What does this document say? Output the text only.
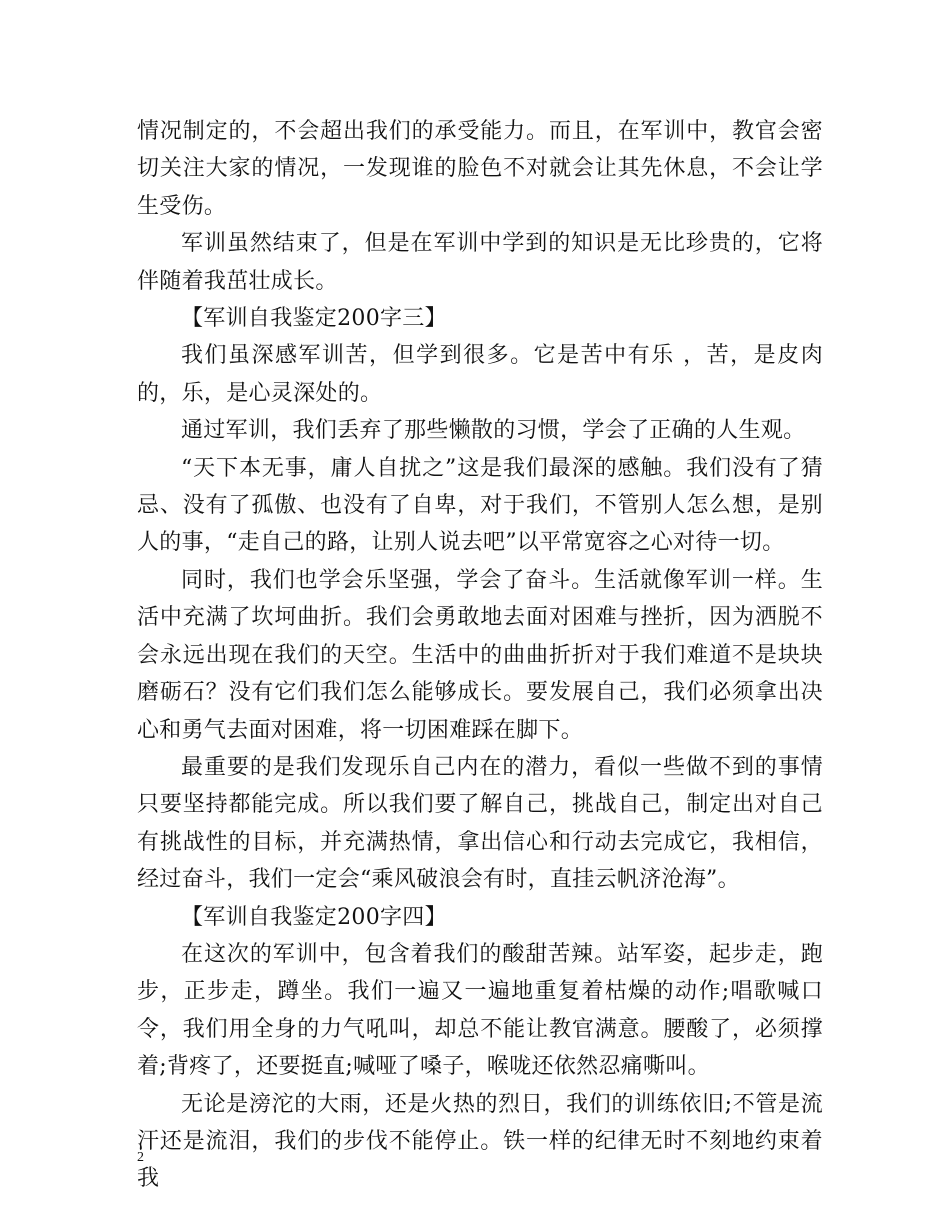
情况制定的，不会超出我们的承受能力。而且，在军训中，教官会密切关注大家的情况，一发现谁的脸色不对就会让其先休息，不会让学生受伤。

军训虽然结束了，但是在军训中学到的知识是无比珍贵的，它将伴随着我茁壮成长。

【军训自我鉴定200字三】

我们虽深感军训苦，但学到很多。它是苦中有乐 ，苦，是皮肉的，乐，是心灵深处的。

通过军训，我们丢弃了那些懒散的习惯，学会了正确的人生观。

“天下本无事，庸人自扰之”这是我们最深的感触。我们没有了猜忌、没有了孤傲、也没有了自卑，对于我们，不管别人怎么想，是别人的事，“走自己的路，让别人说去吧”以平常宽容之心对待一切。

同时，我们也学会乐坚强，学会了奋斗。生活就像军训一样。生活中充满了坎坷曲折。我们会勇敢地去面对困难与挫折，因为洒脱不会永远出现在我们的天空。生活中的曲曲折折对于我们难道不是块块磨砺石？没有它们我们怎么能够成长。要发展自己，我们必须拿出决心和勇气去面对困难，将一切困难踩在脚下。

最重要的是我们发现乐自己内在的潜力，看似一些做不到的事情只要坚持都能完成。所以我们要了解自己，挑战自己，制定出对自己有挑战性的目标，并充满热情，拿出信心和行动去完成它，我相信，经过奋斗，我们一定会“乘风破浪会有时，直挂云帆济沧海”。

【军训自我鉴定200字四】

在这次的军训中，包含着我们的酸甜苦辣。站军姿，起步走，跑步，正步走，蹲坐。我们一遍又一遍地重复着枯燥的动作;唱歌喊口令，我们用全身的力气吼叫，却总不能让教官满意。腰酸了，必须撑着;背疼了，还要挺直;喊哑了嗓子，喉咙还依然忍痛嘶叫。

无论是滂沱的大雨，还是火热的烈日，我们的训练依旧;不管是流汗还是流泪，我们的步伐不能停止。铁一样的纪律无时不刻地约束着我

2
